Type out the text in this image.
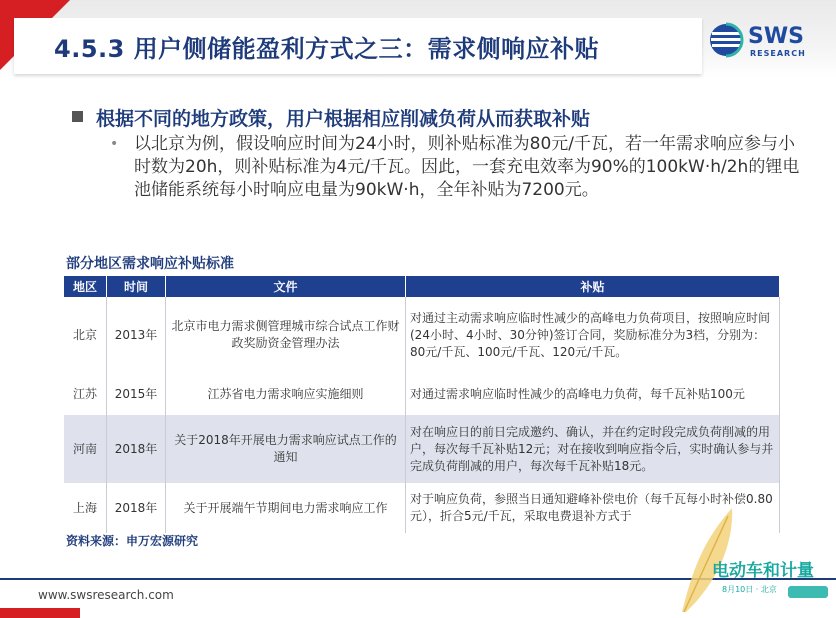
4.5.3 用户侧储能盈利方式之三：需求侧响应补贴	SWS
RESEARCH
根据不同的地方政策，用户根据相应削减负荷从而获取补贴
• 以北京为例，假设响应时间为24小时，则补贴标准为80元/千瓦，若一年需求响应参与小时数为20h，则补贴标准为4元/千瓦。因此，一套充电效率为90%的100kW·h/2h的锂电池储能系统每小时响应电量为90kW·h，全年补贴为7200元。
部分地区需求响应补贴标准
地区	时间	文件	补贴
北京	2013年	北京市电力需求侧管理城市综合试点工作财政奖励资金管理办法	对通过主动需求响应临时性减少的高峰电力负荷项目，按照响应时间(24小时、4小时、30分钟)签订合同，奖励标准分为3档，分别为：80元/千瓦、100元/千瓦、120元/千瓦。
江苏	2015年	江苏省电力需求响应实施细则	对通过需求响应临时性减少的高峰电力负荷，每千瓦补贴100元
河南	2018年	关于2018年开展电力需求响应试点工作的通知	对在响应日的前日完成邀约、确认，并在约定时段完成负荷削减的用户，每次每千瓦补贴12元；对在接收到响应指令后，实时确认参与并完成负荷削减的用户，每次每千瓦补贴18元。
上海	2018年	关于开展端午节期间电力需求响应工作	对于响应负荷，参照当日通知避峰补偿电价（每千瓦每小时补偿0.80元），折合5元/千瓦，采取电费退补方式于
资料来源：申万宏源研究
www.swsresearch.com
电动车和计量
8月10日 · 北京
